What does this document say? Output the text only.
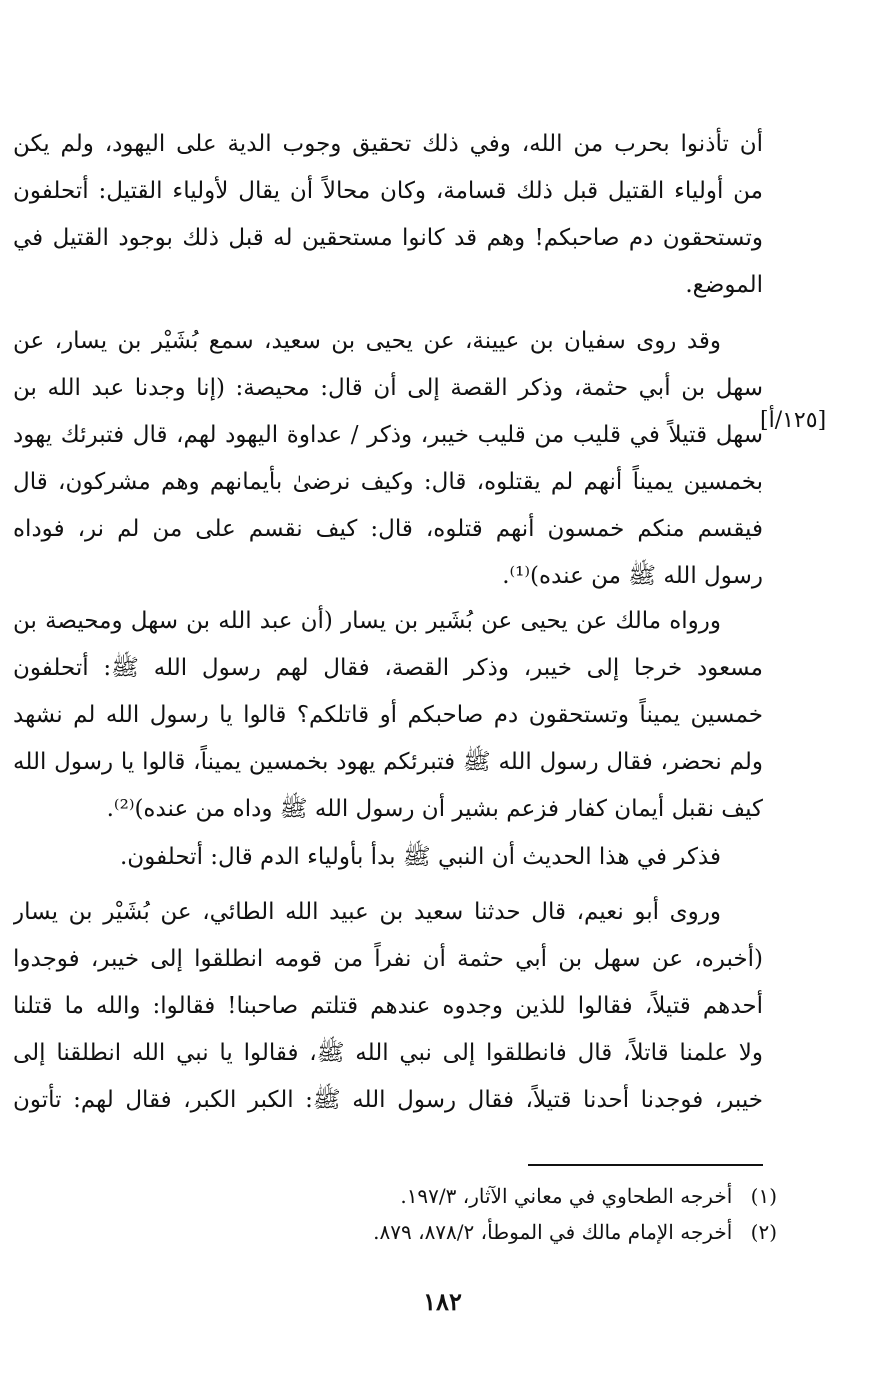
أن تأذنوا بحرب من الله، وفي ذلك تحقيق وجوب الدية على اليهود، ولم يكن
من أولياء القتيل قبل ذلك قسامة، وكان محالاً أن يقال لأولياء القتيل: أتحلفون
وتستحقون دم صاحبكم! وهم قد كانوا مستحقين له قبل ذلك بوجود القتيل في
الموضع.
وقد روى سفيان بن عيينة، عن يحيى بن سعيد، سمع بُشَيْر بن يسار، عن
سهل بن أبي حثمة، وذكر القصة إلى أن قال: محيصة: (إنا وجدنا عبد الله بن
سهل قتيلاً في قليب من قليب خيبر، وذكر / عداوة اليهود لهم، قال فتبرئك يهود
بخمسين يميناً أنهم لم يقتلوه، قال: وكيف نرضىٰ بأيمانهم وهم مشركون، قال
فيقسم منكم خمسون أنهم قتلوه، قال: كيف نقسم على من لم نر، فوداه
رسول الله ﷺ من عنده)⁽¹⁾.
[١٢٥/أ]
ورواه مالك عن يحيى عن بُشَير بن يسار (أن عبد الله بن سهل ومحيصة بن
مسعود خرجا إلى خيبر، وذكر القصة، فقال لهم رسول الله ﷺ: أتحلفون
خمسين يميناً وتستحقون دم صاحبكم أو قاتلكم؟ قالوا يا رسول الله لم نشهد
ولم نحضر، فقال رسول الله ﷺ فتبرئكم يهود بخمسين يميناً، قالوا يا رسول الله
كيف نقبل أيمان كفار فزعم بشير أن رسول الله ﷺ وداه من عنده)⁽²⁾.
فذكر في هذا الحديث أن النبي ﷺ بدأ بأولياء الدم قال: أتحلفون.
وروى أبو نعيم، قال حدثنا سعيد بن عبيد الله الطائي، عن بُشَيْر بن يسار
(أخبره، عن سهل بن أبي حثمة أن نفراً من قومه انطلقوا إلى خيبر، فوجدوا
أحدهم قتيلاً، فقالوا للذين وجدوه عندهم قتلتم صاحبنا! فقالوا: والله ما قتلنا
ولا علمنا قاتلاً، قال فانطلقوا إلى نبي الله ﷺ، فقالوا يا نبي الله انطلقنا إلى
خيبر، فوجدنا أحدنا قتيلاً، فقال رسول الله ﷺ: الكبر الكبر، فقال لهم: تأتون
(١) أخرجه الطحاوي في معاني الآثار، ١٩٧/٣.
(٢) أخرجه الإمام مالك في الموطأ، ٨٧٨/٢، ٨٧٩.
١٨٢
